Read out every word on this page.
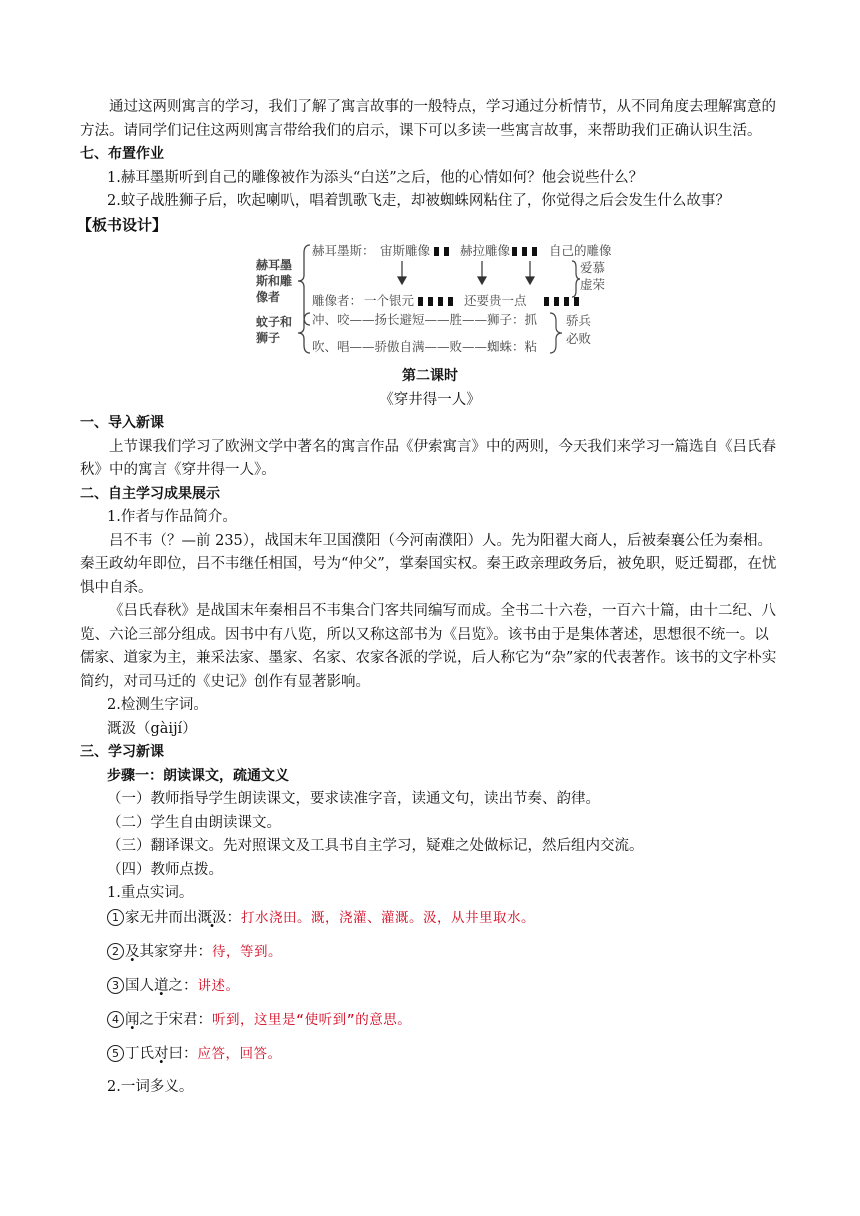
通过这两则寓言的学习，我们了解了寓言故事的一般特点，学习通过分析情节，从不同角度去理解寓意的方法。请同学们记住这两则寓言带给我们的启示，课下可以多读一些寓言故事，来帮助我们正确认识生活。

七、布置作业

1.赫耳墨斯听到自己的雕像被作为添头“白送”之后，他的心情如何？他会说些什么？

2.蚊子战胜狮子后，吹起喇叭，唱着凯歌飞走，却被蜘蛛网粘住了，你觉得之后会发生什么故事？

【板书设计】

赫耳墨
斯和雕
像者
赫耳墨斯： 宙斯雕像 赫拉雕像	自己的雕像
爱慕
虚荣
雕像者： 一个银元	还要贵一点
蚊子和
狮子
冲、咬——扬长避短——胜——狮子：抓
吹、唱——骄傲自满——败——蜘蛛：粘
骄兵
必败

第二课时

《穿井得一人》

一、导入新课

上节课我们学习了欧洲文学中著名的寓言作品《伊索寓言》中的两则，今天我们来学习一篇选自《吕氏春秋》中的寓言《穿井得一人》。

二、自主学习成果展示

1.作者与作品简介。

吕不韦（？—前 235），战国末年卫国濮阳（今河南濮阳）人。先为阳翟大商人，后被秦襄公任为秦相。秦王政幼年即位，吕不韦继任相国，号为“仲父”，掌秦国实权。秦王政亲理政务后，被免职，贬迁蜀郡，在忧惧中自杀。

《吕氏春秋》是战国末年秦相吕不韦集合门客共同编写而成。全书二十六卷，一百六十篇，由十二纪、八览、六论三部分组成。因书中有八览，所以又称这部书为《吕览》。该书由于是集体著述，思想很不统一。以儒家、道家为主，兼采法家、墨家、名家、农家各派的学说，后人称它为“杂”家的代表著作。该书的文字朴实简约，对司马迁的《史记》创作有显著影响。

2.检测生字词。

溉汲（gàijí）

三、学习新课

步骤一：朗读课文，疏通文义

（一）教师指导学生朗读课文，要求读准字音，读通文句，读出节奏、韵律。

（二）学生自由朗读课文。

（三）翻译课文。先对照课文及工具书自主学习，疑难之处做标记，然后组内交流。

（四）教师点拨。

1.重点实词。

1 家无井而出溉汲：打水浇田。溉，浇灌、灌溉。汲，从井里取水。

2 及其家穿井：待，等到。

3 国人道之：讲述。

4 闻之于宋君：听到，这里是“使听到”的意思。

5 丁氏对曰：应答，回答。

2.一词多义。
